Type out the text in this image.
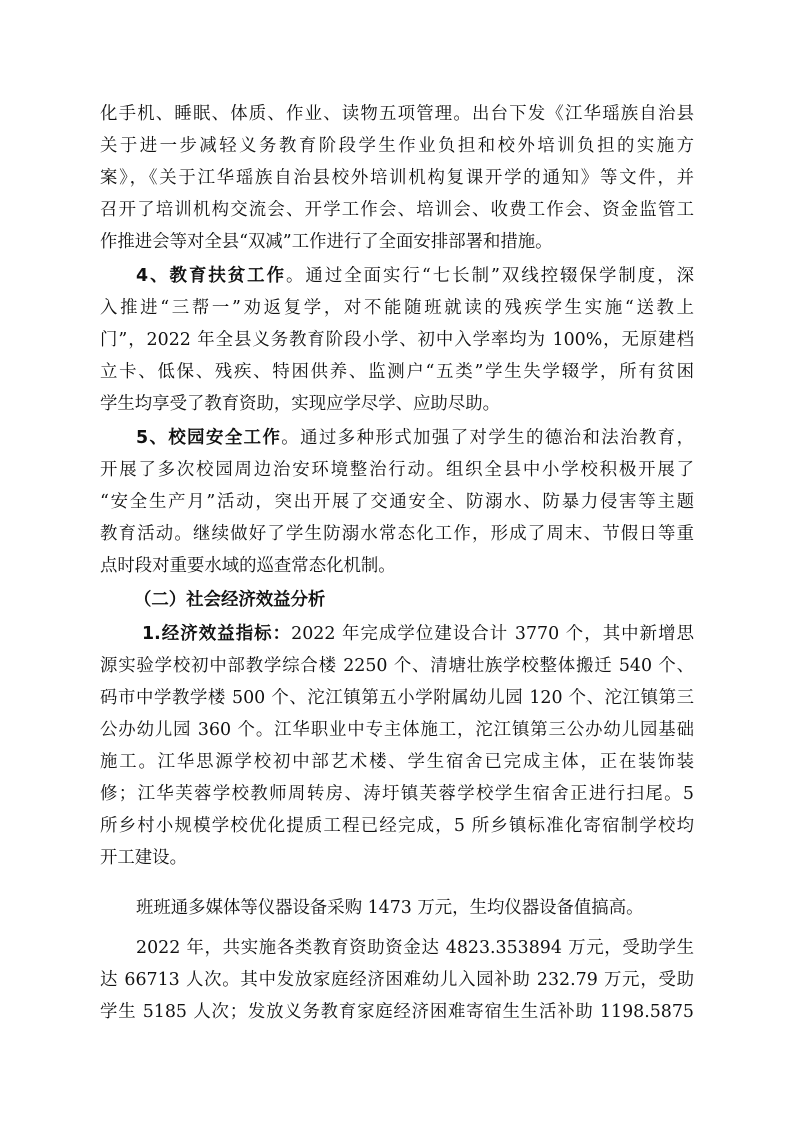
化手机、睡眠、体质、作业、读物五项管理。出台下发《江华瑶族自治县
关于进一步减轻义务教育阶段学生作业负担和校外培训负担的实施方
案》，《关于江华瑶族自治县校外培训机构复课开学的通知》等文件，并
召开了培训机构交流会、开学工作会、培训会、收费工作会、资金监管工
作推进会等对全县“双减”工作进行了全面安排部署和措施。
4、教育扶贫工作。通过全面实行“七长制”双线控辍保学制度，深
入推进“三帮一”劝返复学，对不能随班就读的残疾学生实施“送教上
门”，2022 年全县义务教育阶段小学、初中入学率均为 100%，无原建档
立卡、低保、残疾、特困供养、监测户“五类”学生失学辍学，所有贫困
学生均享受了教育资助，实现应学尽学、应助尽助。
5、校园安全工作。通过多种形式加强了对学生的德治和法治教育，
开展了多次校园周边治安环境整治行动。组织全县中小学校积极开展了
“安全生产月”活动，突出开展了交通安全、防溺水、防暴力侵害等主题
教育活动。继续做好了学生防溺水常态化工作，形成了周末、节假日等重
点时段对重要水域的巡查常态化机制。
（二）社会经济效益分析
1.经济效益指标：2022 年完成学位建设合计 3770 个，其中新增思
源实验学校初中部教学综合楼 2250 个、清塘壮族学校整体搬迁 540 个、
码市中学教学楼 500 个、沱江镇第五小学附属幼儿园 120 个、沱江镇第三
公办幼儿园 360 个。江华职业中专主体施工，沱江镇第三公办幼儿园基础
施工。江华思源学校初中部艺术楼、学生宿舍已完成主体，正在装饰装
修；江华芙蓉学校教师周转房、涛圩镇芙蓉学校学生宿舍正进行扫尾。5
所乡村小规模学校优化提质工程已经完成，5 所乡镇标准化寄宿制学校均
开工建设。
班班通多媒体等仪器设备采购 1473 万元，生均仪器设备值搞高。
2022 年，共实施各类教育资助资金达 4823.353894 万元，受助学生
达 66713 人次。其中发放家庭经济困难幼儿入园补助 232.79 万元，受助
学生 5185 人次；发放义务教育家庭经济困难寄宿生生活补助 1198.5875
